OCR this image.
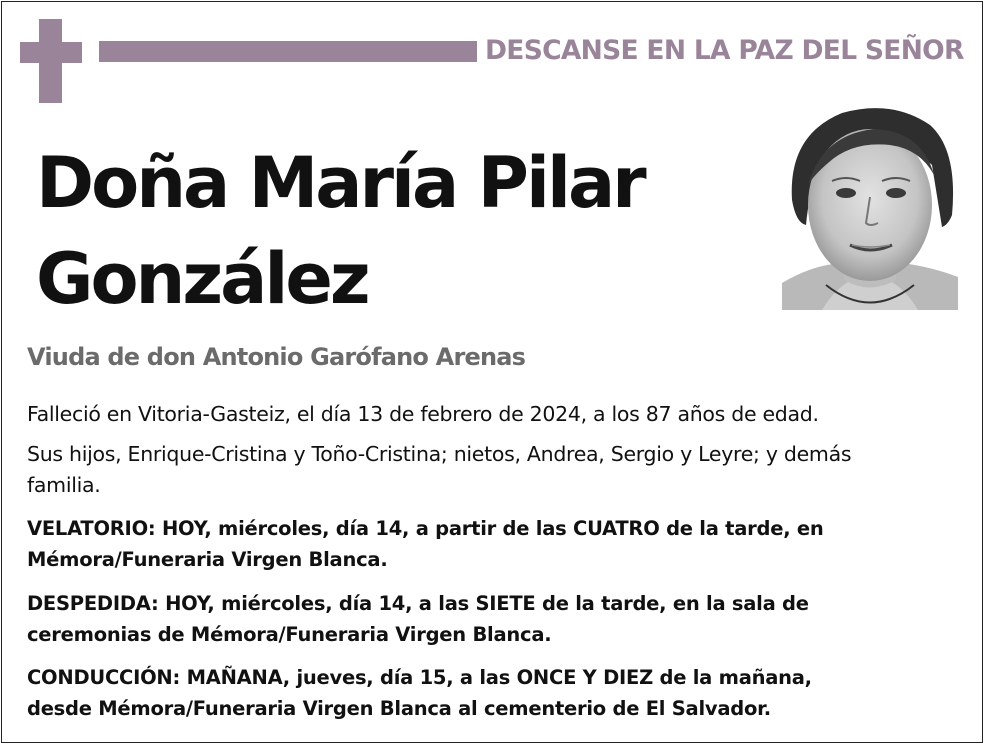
DESCANSE EN LA PAZ DEL SEÑOR
Doña María Pilar
González
Viuda de don Antonio Garófano Arenas
Falleció en Vitoria-Gasteiz, el día 13 de febrero de 2024, a los 87 años de edad.
Sus hijos, Enrique-Cristina y Toño-Cristina; nietos, Andrea, Sergio y Leyre; y demás
familia.
VELATORIO: HOY, miércoles, día 14, a partir de las CUATRO de la tarde, en
Mémora/Funeraria Virgen Blanca.
DESPEDIDA: HOY, miércoles, día 14, a las SIETE de la tarde, en la sala de
ceremonias de Mémora/Funeraria Virgen Blanca.
CONDUCCIÓN: MAÑANA, jueves, día 15, a las ONCE Y DIEZ de la mañana,
desde Mémora/Funeraria Virgen Blanca al cementerio de El Salvador.
